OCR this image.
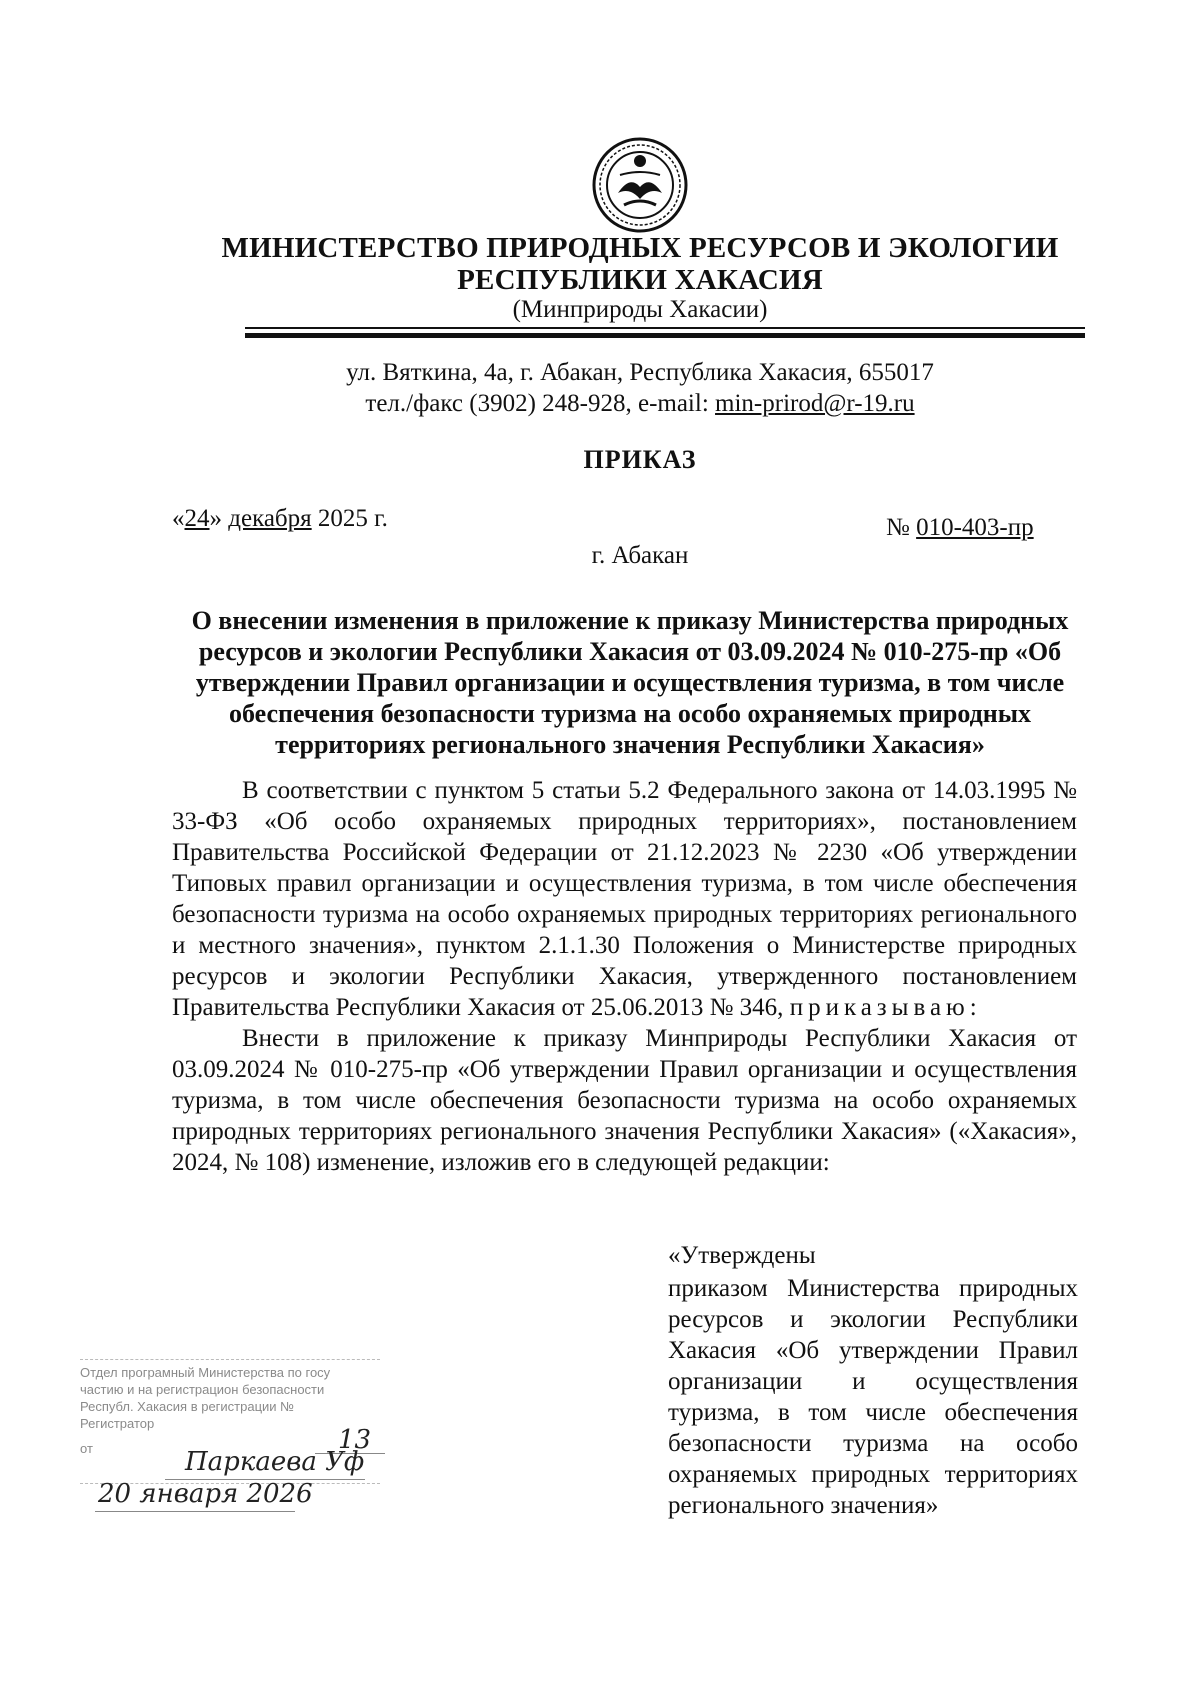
МИНИСТЕРСТВО ПРИРОДНЫХ РЕСУРСОВ И ЭКОЛОГИИ
РЕСПУБЛИКИ ХАКАСИЯ
(Минприроды Хакасии)
ул. Вяткина, 4а, г. Абакан, Республика Хакасия, 655017
тел./факс (3902) 248-928, e-mail: min-prirod@r-19.ru
ПРИКАЗ
«24» декабря 2025 г.	№ 010-403-пр
г. Абакан
О внесении изменения в приложение к приказу Министерства природных ресурсов и экологии Республики Хакасия от 03.09.2024 № 010-275-пр «Об утверждении Правил организации и осуществления туризма, в том числе обеспечения безопасности туризма на особо охраняемых природных территориях регионального значения Республики Хакасия»

В соответствии с пунктом 5 статьи 5.2 Федерального закона от 14.03.1995 № 33-ФЗ «Об особо охраняемых природных территориях», постановлением Правительства Российской Федерации от 21.12.2023 № 2230 «Об утверждении Типовых правил организации и осуществления туризма, в том числе обеспечения безопасности туризма на особо охраняемых природных территориях регионального и местного значения», пунктом 2.1.1.30 Положения о Министерстве природных ресурсов и экологии Республики Хакасия, утвержденного постановлением Правительства Республики Хакасия от 25.06.2013 № 346, приказываю:

Внести в приложение к приказу Минприроды Республики Хакасия от 03.09.2024 № 010-275-пр «Об утверждении Правил организации и осуществления туризма, в том числе обеспечения безопасности туризма на особо охраняемых природных территориях регионального значения Республики Хакасия» («Хакасия», 2024, № 108) изменение, изложив его в следующей редакции:

«Утверждены
приказом Министерства природных ресурсов и экологии Республики Хакасия «Об утверждении Правил организации и осуществления туризма, в том числе обеспечения безопасности туризма на особо охраняемых природных территориях регионального значения»
Отдел програмный Министерства по госу
частию и на регистрацион безопасности
Республ. Хакасия в регистрации №
Регистратор
от	13
Паркаева Уф
20 января 2026
